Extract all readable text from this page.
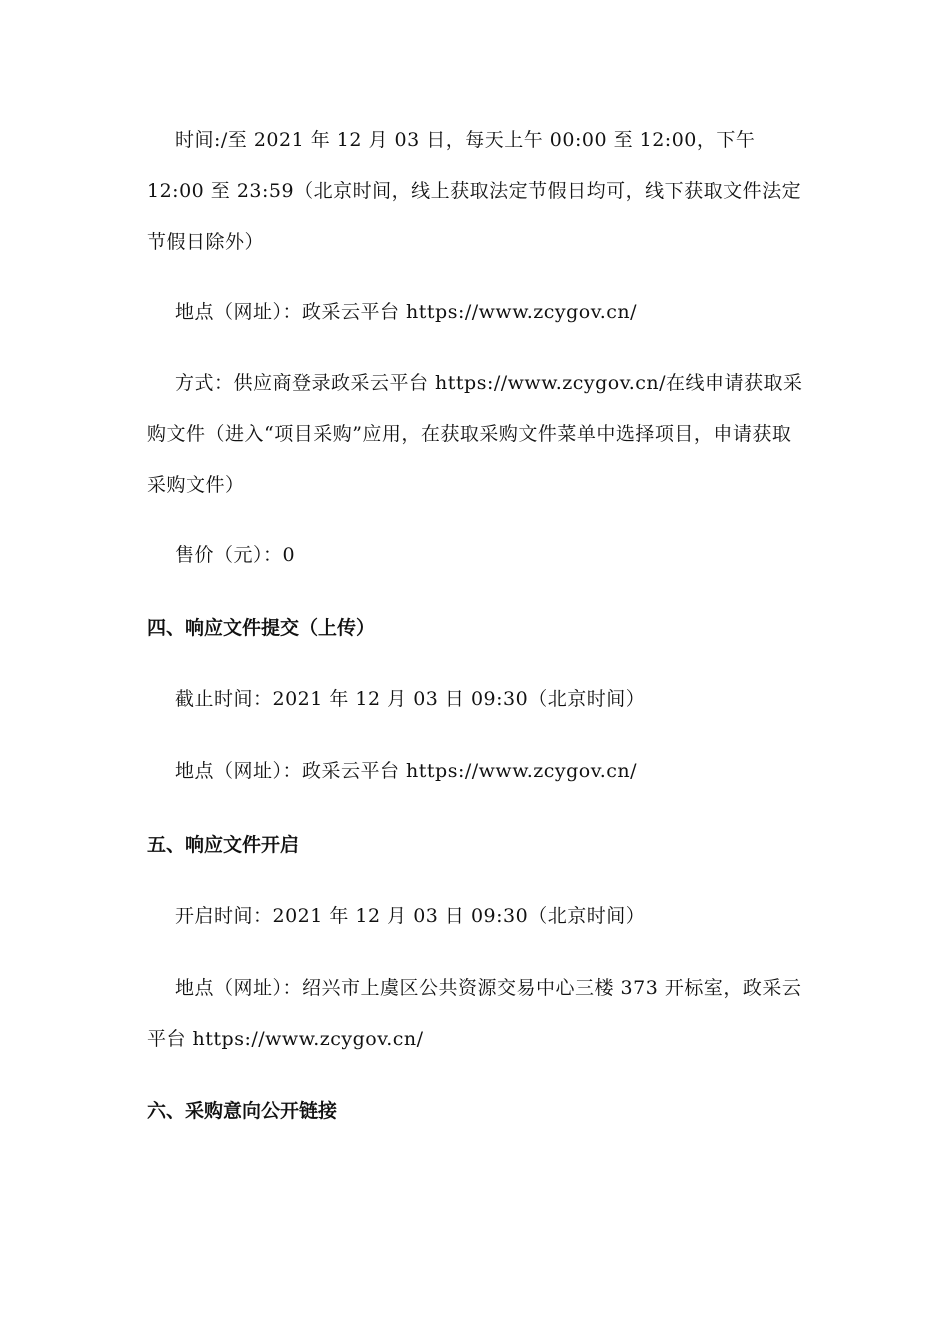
时间:/至 2021 年 12 月 03 日，每天上午 00:00 至 12:00，下午 12:00 至 23:59（北京时间，线上获取法定节假日均可，线下获取文件法定节假日除外）

地点（网址）：政采云平台 https://www.zcygov.cn/

方式：供应商登录政采云平台 https://www.zcygov.cn/在线申请获取采购文件（进入“项目采购”应用，在获取采购文件菜单中选择项目，申请获取采购文件）

售价（元）：0

四、响应文件提交（上传）

截止时间：2021 年 12 月 03 日 09:30（北京时间）

地点（网址）：政采云平台 https://www.zcygov.cn/

五、响应文件开启

开启时间：2021 年 12 月 03 日 09:30（北京时间）

地点（网址）：绍兴市上虞区公共资源交易中心三楼 373 开标室，政采云平台 https://www.zcygov.cn/

六、采购意向公开链接
